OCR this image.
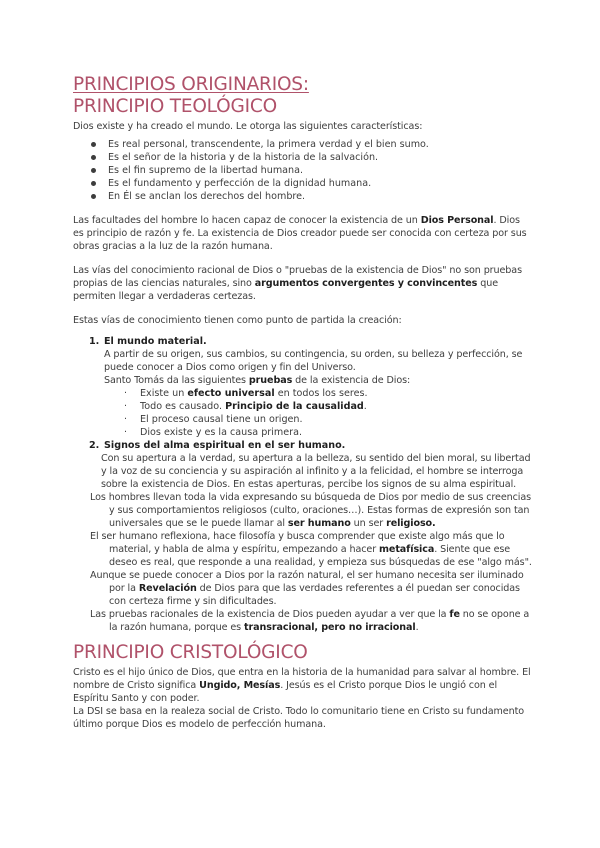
PRINCIPIOS ORIGINARIOS:
PRINCIPIO TEOLÓGICO

Dios existe y ha creado el mundo. Le otorga las siguientes características:

Es real personal, transcendente, la primera verdad y el bien sumo.
Es el señor de la historia y de la historia de la salvación.
Es el fin supremo de la libertad humana.
Es el fundamento y perfección de la dignidad humana.
En Él se anclan los derechos del hombre.

Las facultades del hombre lo hacen capaz de conocer la existencia de un Dios Personal. Dios es principio de razón y fe. La existencia de Dios creador puede ser conocida con certeza por sus obras gracias a la luz de la razón humana.

Las vías del conocimiento racional de Dios o "pruebas de la existencia de Dios" no son pruebas propias de las ciencias naturales, sino argumentos convergentes y convincentes que permiten llegar a verdaderas certezas.

Estas vías de conocimiento tienen como punto de partida la creación:

1. El mundo material.

A partir de su origen, sus cambios, su contingencia, su orden, su belleza y perfección, se puede conocer a Dios como origen y fin del Universo.

Santo Tomás da las siguientes pruebas de la existencia de Dios:

· Existe un efecto universal en todos los seres.
· Todo es causado. Principio de la causalidad.
· El proceso causal tiene un origen.
· Dios existe y es la causa primera.
2. Signos del alma espiritual en el ser humano.

Con su apertura a la verdad, su apertura a la belleza, su sentido del bien moral, su libertad y la voz de su conciencia y su aspiración al infinito y a la felicidad, el hombre se interroga sobre la existencia de Dios. En estas aperturas, percibe los signos de su alma espiritual.

Los hombres llevan toda la vida expresando su búsqueda de Dios por medio de sus creencias y sus comportamientos religiosos (culto, oraciones…). Estas formas de expresión son tan universales que se le puede llamar al ser humano un ser religioso.

El ser humano reflexiona, hace filosofía y busca comprender que existe algo más que lo material, y habla de alma y espíritu, empezando a hacer metafísica. Siente que ese deseo es real, que responde a una realidad, y empieza sus búsquedas de ese "algo más".

Aunque se puede conocer a Dios por la razón natural, el ser humano necesita ser iluminado por la Revelación de Dios para que las verdades referentes a él puedan ser conocidas con certeza firme y sin dificultades.

Las pruebas racionales de la existencia de Dios pueden ayudar a ver que la fe no se opone a la razón humana, porque es transracional, pero no irracional.

PRINCIPIO CRISTOLÓGICO

Cristo es el hijo único de Dios, que entra en la historia de la humanidad para salvar al hombre. El nombre de Cristo significa Ungido, Mesías. Jesús es el Cristo porque Dios le ungió con el Espíritu Santo y con poder.

La DSI se basa en la realeza social de Cristo. Todo lo comunitario tiene en Cristo su fundamento último porque Dios es modelo de perfección humana.
